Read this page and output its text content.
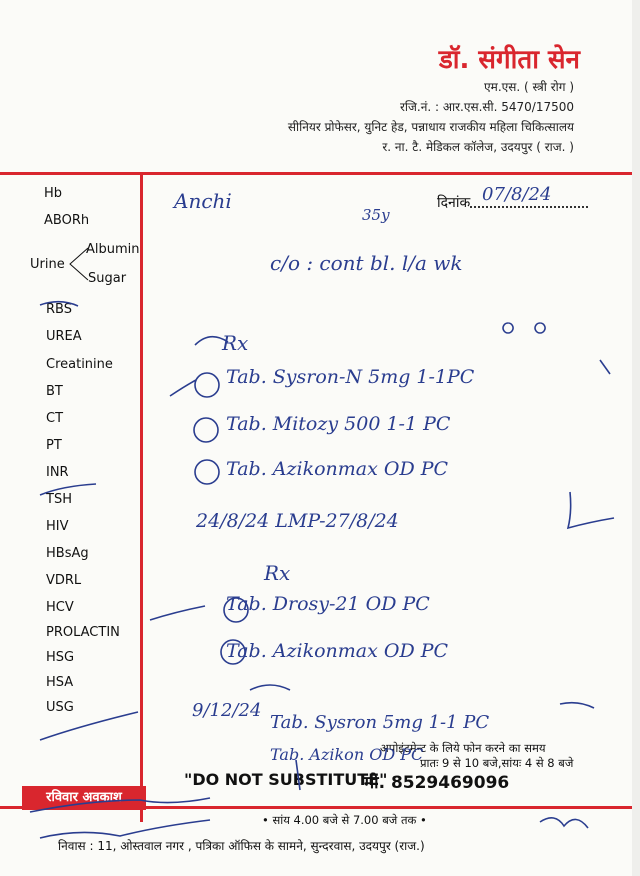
डॉ. संगीता सेन
एम.एस. ( स्त्री रोग )
रजि.नं. : आर.एस.सी. 5470/17500
सीनियर प्रोफेसर, युनिट हेड, पन्नाधाय राजकीय महिला चिकित्सालय
र. ना. टै. मेडिकल कॉलेज, उदयपुर ( राज. )
Hb
ABORh
Urine
Albumin
Sugar
RBS
UREA
Creatinine
BT
CT
PT
INR
TSH
HIV
HBsAg
VDRL
HCV
PROLACTIN
HSG
HSA
USG
दिनांक
अपोइंटमेन्ट के लिये फोन करने का समय
प्रातः 9 से 10 बजे,सांयः 4 से 8 बजे
"DO NOT SUBSTITUTE"
मो. 8529469096
रविवार अवकाश
• सांय 4.00 बजे से 7.00 बजे तक •
निवास : 11, ओस्तवाल नगर , पत्रिका ऑफिस के सामने, सुन्दरवास, उदयपुर (राज.)
Anchi
35y
07/8/24
c/o : cont bl. l/a wk
Rx
Tab. Sysron-N 5mg 1-1PC
Tab. Mitozy 500 1-1 PC
Tab. Azikonmax OD PC
24/8/24 LMP-27/8/24
Rx
Tab. Drosy-21 OD PC
Tab. Azikonmax OD PC
9/12/24
Tab. Sysron 5mg 1-1 PC
Tab. Azikon OD PC
